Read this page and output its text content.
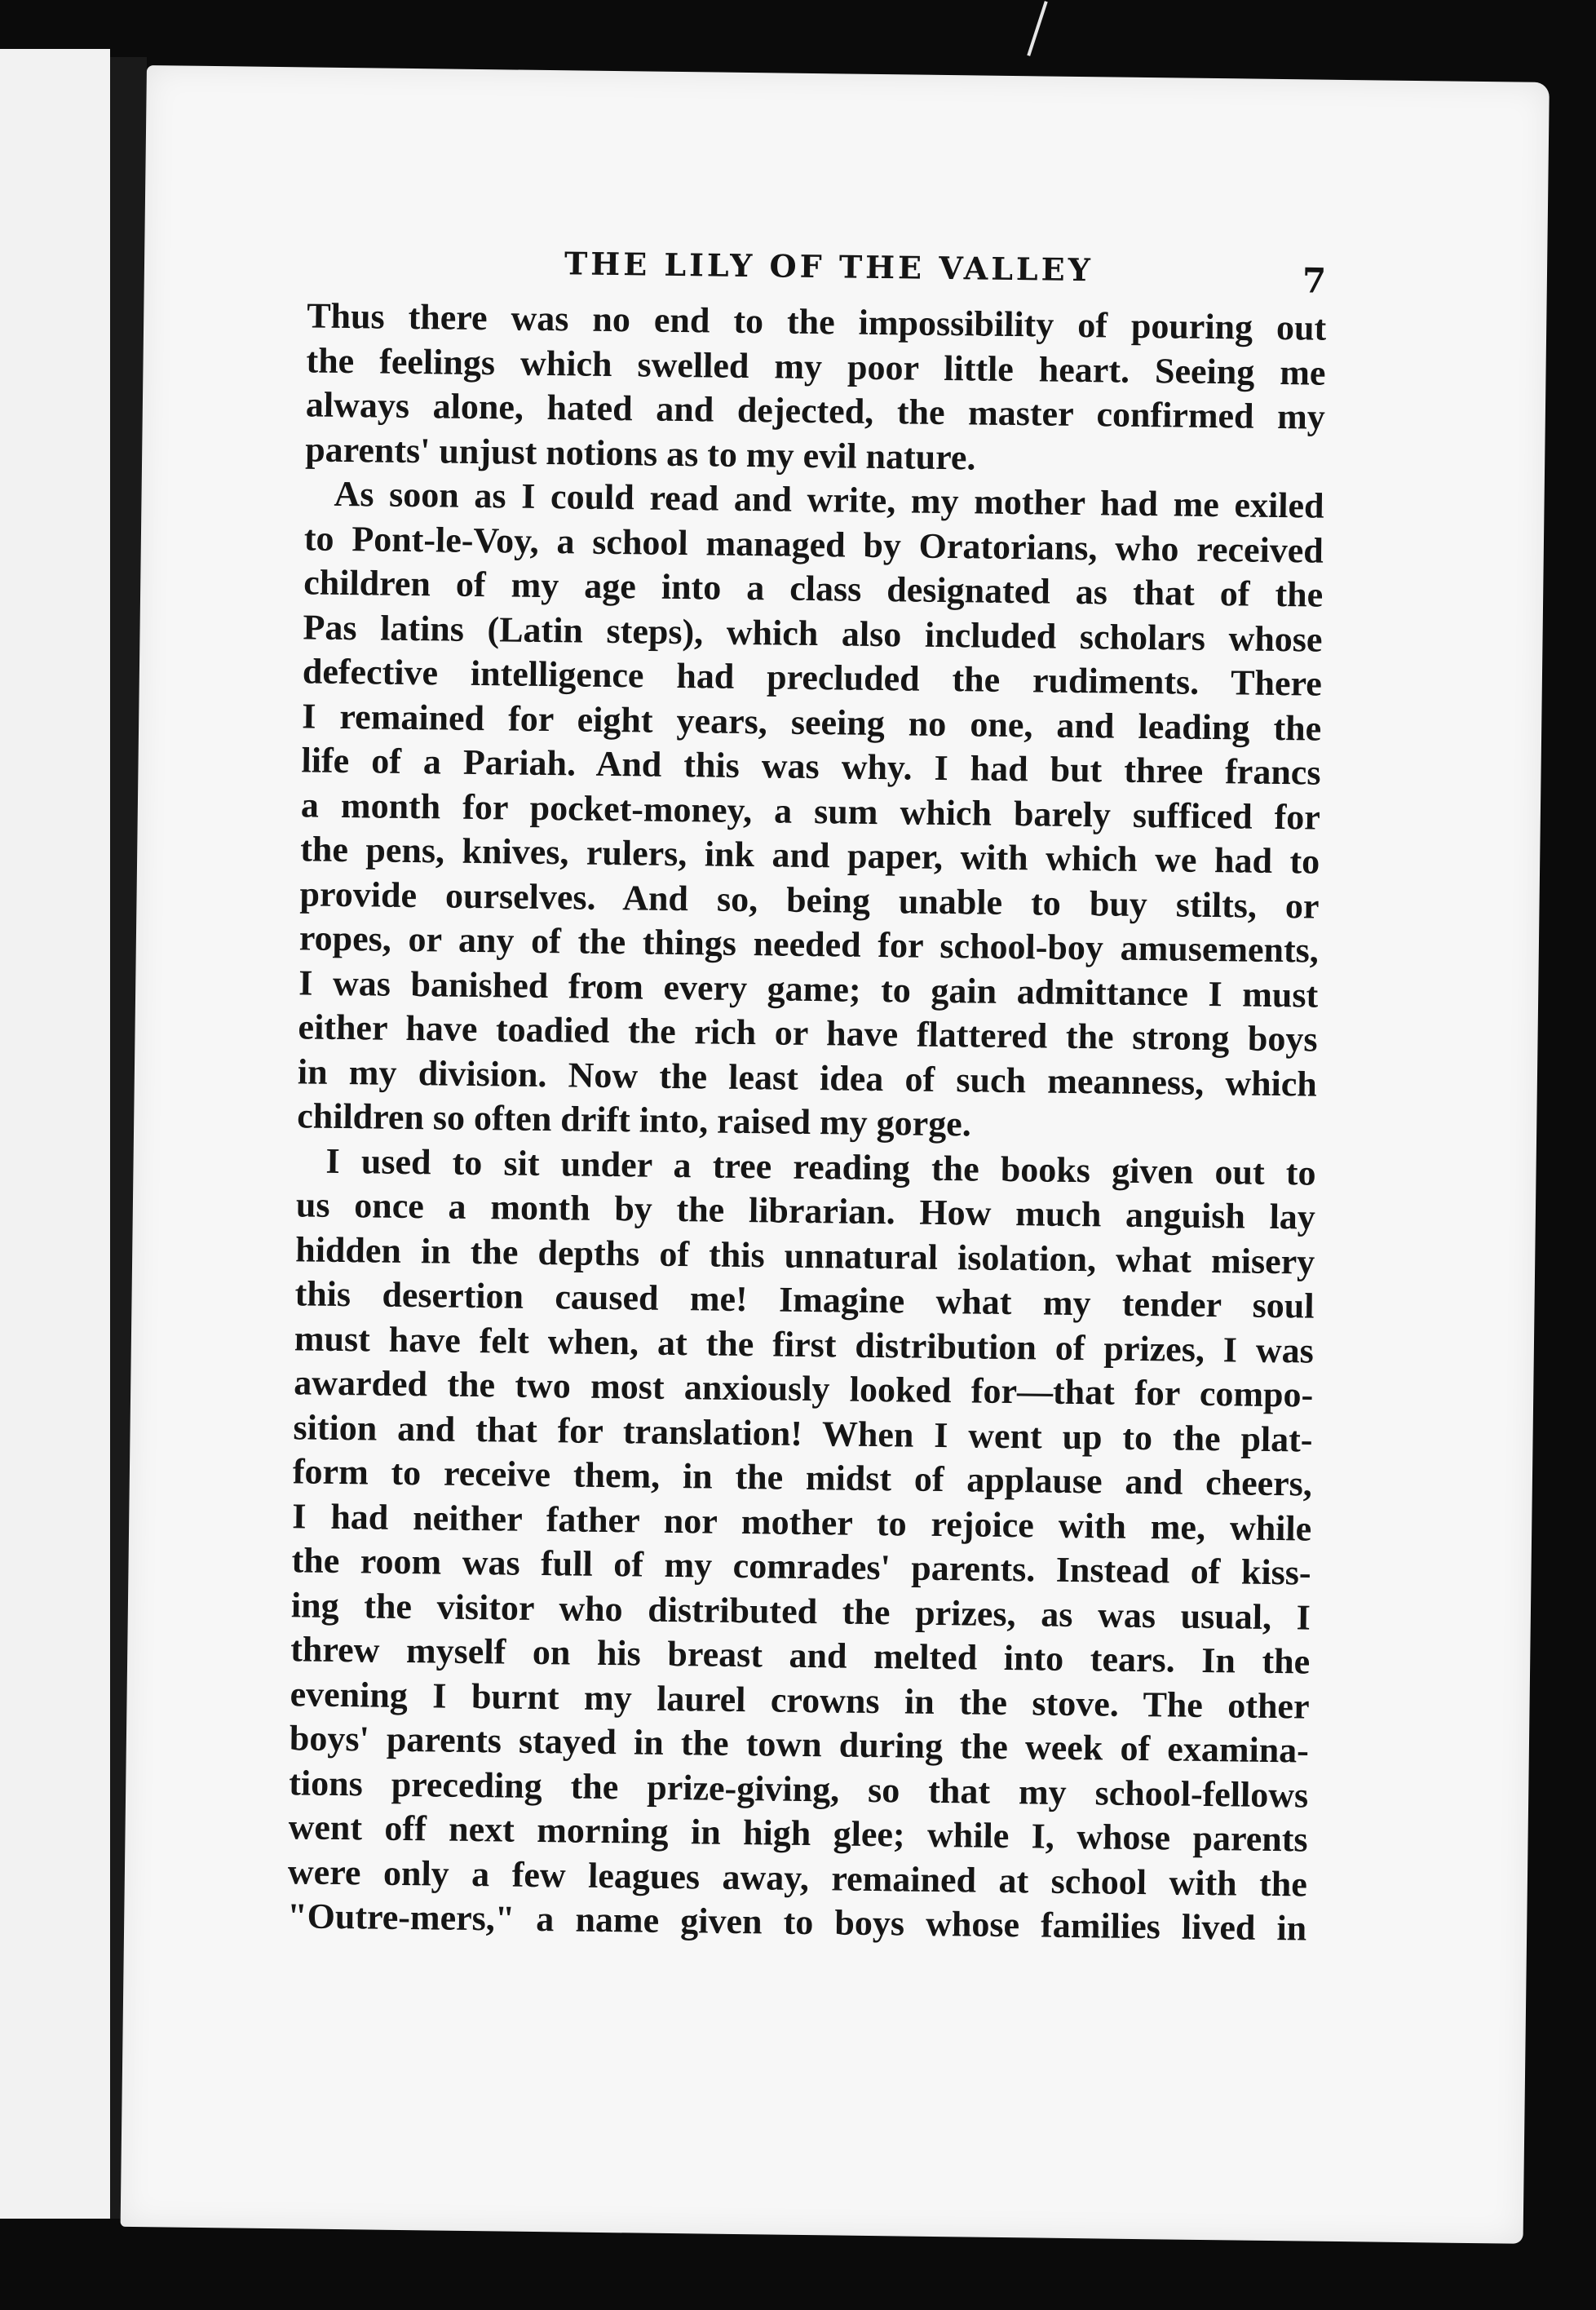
THE LILY OF THE VALLEY	7
Thus there was no end to the impossibility of pouring out
the feelings which swelled my poor little heart. Seeing me
always alone, hated and dejected, the master confirmed my
parents' unjust notions as to my evil nature.
As soon as I could read and write, my mother had me exiled
to Pont-le-Voy, a school managed by Oratorians, who received
children of my age into a class designated as that of the
Pas latins (Latin steps), which also included scholars whose
defective intelligence had precluded the rudiments. There
I remained for eight years, seeing no one, and leading the
life of a Pariah. And this was why. I had but three francs
a month for pocket-money, a sum which barely sufficed for
the pens, knives, rulers, ink and paper, with which we had to
provide ourselves. And so, being unable to buy stilts, or
ropes, or any of the things needed for school-boy amusements,
I was banished from every game; to gain admittance I must
either have toadied the rich or have flattered the strong boys
in my division. Now the least idea of such meanness, which
children so often drift into, raised my gorge.
I used to sit under a tree reading the books given out to
us once a month by the librarian. How much anguish lay
hidden in the depths of this unnatural isolation, what misery
this desertion caused me! Imagine what my tender soul
must have felt when, at the first distribution of prizes, I was
awarded the two most anxiously looked for—that for compo-
sition and that for translation! When I went up to the plat-
form to receive them, in the midst of applause and cheers,
I had neither father nor mother to rejoice with me, while
the room was full of my comrades' parents. Instead of kiss-
ing the visitor who distributed the prizes, as was usual, I
threw myself on his breast and melted into tears. In the
evening I burnt my laurel crowns in the stove. The other
boys' parents stayed in the town during the week of examina-
tions preceding the prize-giving, so that my school-fellows
went off next morning in high glee; while I, whose parents
were only a few leagues away, remained at school with the
"Outre-mers," a name given to boys whose families lived in
